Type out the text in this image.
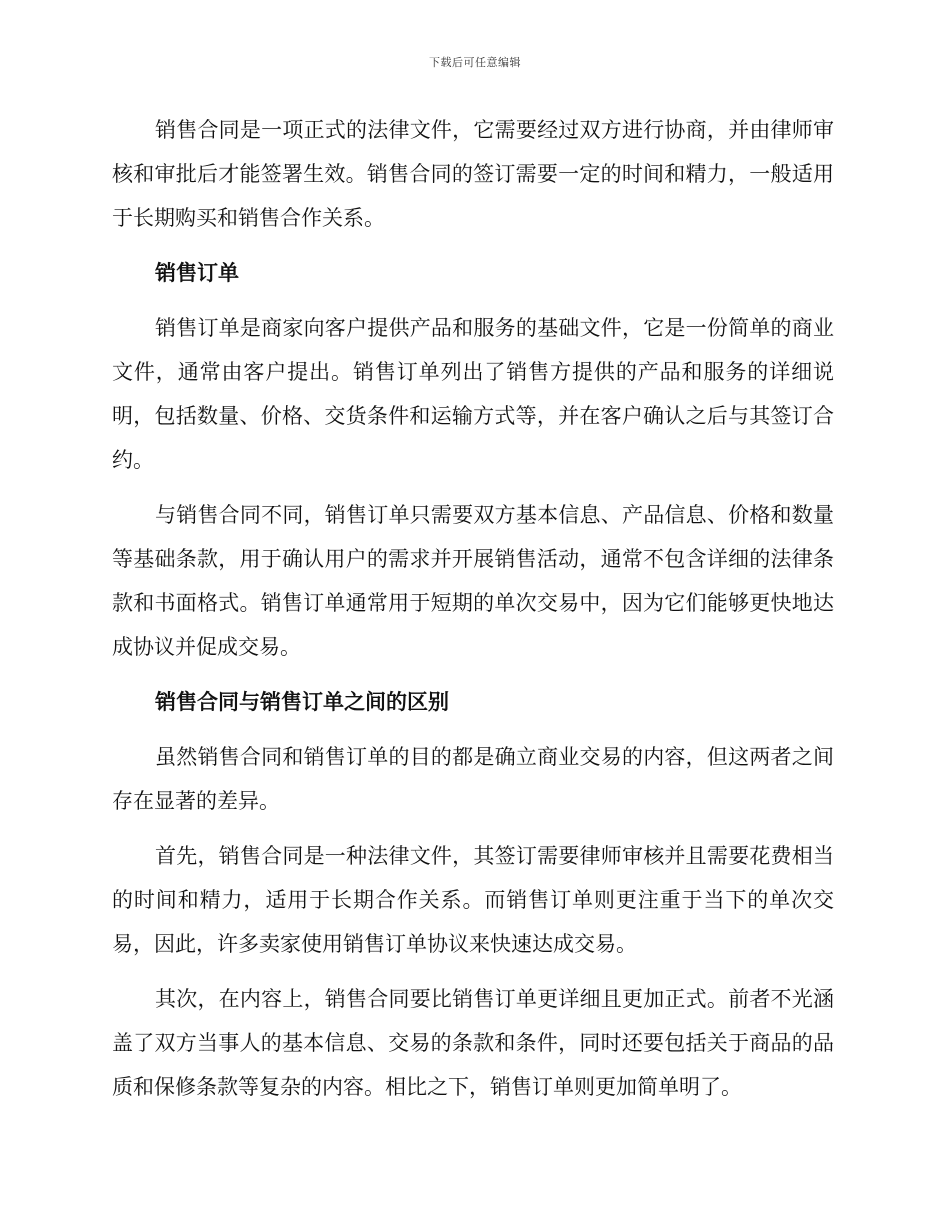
下载后可任意编辑

销售合同是一项正式的法律文件，它需要经过双方进行协商，并由律师审核和审批后才能签署生效。销售合同的签订需要一定的时间和精力，一般适用于长期购买和销售合作关系。

销售订单

销售订单是商家向客户提供产品和服务的基础文件，它是一份简单的商业文件，通常由客户提出。销售订单列出了销售方提供的产品和服务的详细说明，包括数量、价格、交货条件和运输方式等，并在客户确认之后与其签订合约。

与销售合同不同，销售订单只需要双方基本信息、产品信息、价格和数量等基础条款，用于确认用户的需求并开展销售活动，通常不包含详细的法律条款和书面格式。销售订单通常用于短期的单次交易中，因为它们能够更快地达成协议并促成交易。

销售合同与销售订单之间的区别

虽然销售合同和销售订单的目的都是确立商业交易的内容，但这两者之间存在显著的差异。

首先，销售合同是一种法律文件，其签订需要律师审核并且需要花费相当的时间和精力，适用于长期合作关系。而销售订单则更注重于当下的单次交易，因此，许多卖家使用销售订单协议来快速达成交易。

其次，在内容上，销售合同要比销售订单更详细且更加正式。前者不光涵盖了双方当事人的基本信息、交易的条款和条件，同时还要包括关于商品的品质和保修条款等复杂的内容。相比之下，销售订单则更加简单明了。
